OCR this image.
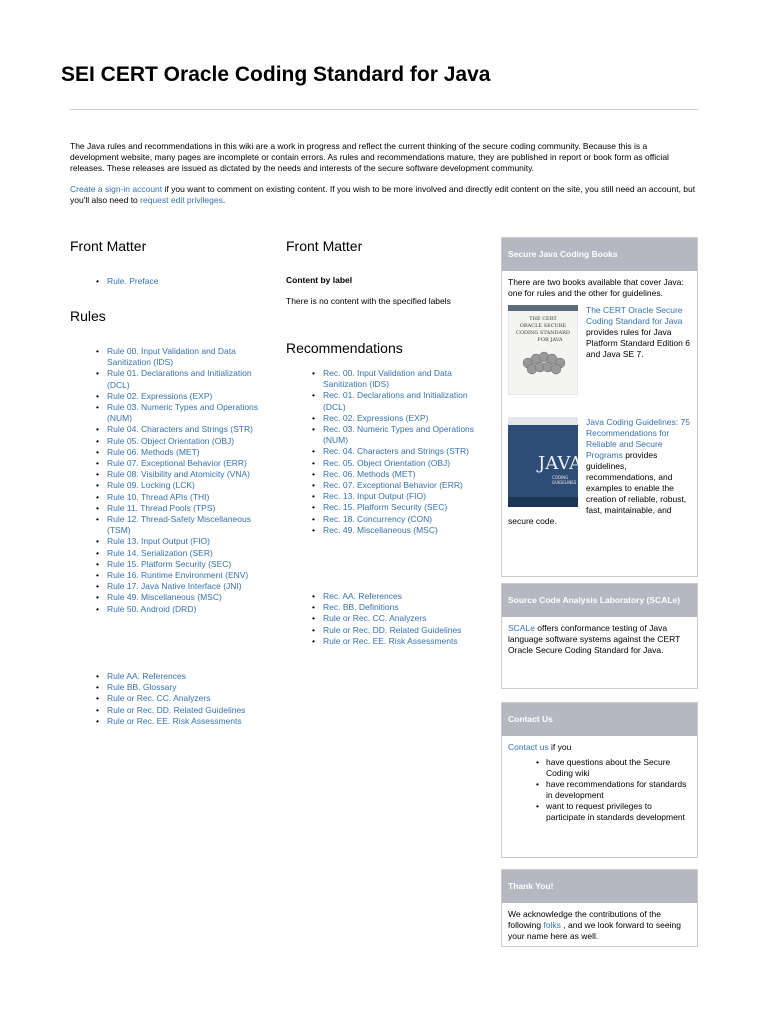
SEI CERT Oracle Coding Standard for Java

The Java rules and recommendations in this wiki are a work in progress and reflect the current thinking of the secure coding community. Because this is a development website, many pages are incomplete or contain errors. As rules and recommendations mature, they are published in report or book form as official releases. These releases are issued as dictated by the needs and interests of the secure software development community.

Create a sign-in account if you want to comment on existing content. If you wish to be more involved and directly edit content on the site, you still need an account, but you'll also need to request edit privileges.

Front Matter
• Rule. Preface
Rules
• Rule 00. Input Validation and Data Sanitization (IDS)
• Rule 01. Declarations and Initialization (DCL)
• Rule 02. Expressions (EXP)
• Rule 03. Numeric Types and Operations (NUM)
• Rule 04. Characters and Strings (STR)
• Rule 05. Object Orientation (OBJ)
• Rule 06. Methods (MET)
• Rule 07. Exceptional Behavior (ERR)
• Rule 08. Visibility and Atomicity (VNA)
• Rule 09. Locking (LCK)
• Rule 10. Thread APIs (THI)
• Rule 11. Thread Pools (TPS)
• Rule 12. Thread-Safety Miscellaneous (TSM)
• Rule 13. Input Output (FIO)
• Rule 14. Serialization (SER)
• Rule 15. Platform Security (SEC)
• Rule 16. Runtime Environment (ENV)
• Rule 17. Java Native Interface (JNI)
• Rule 49. Miscellaneous (MSC)
• Rule 50. Android (DRD)
• Rule AA. References
• Rule BB. Glossary
• Rule or Rec. CC. Analyzers
• Rule or Rec. DD. Related Guidelines
• Rule or Rec. EE. Risk Assessments
Front Matter

Content by label

There is no content with the specified labels

Recommendations
• Rec. 00. Input Validation and Data Sanitization (IDS)
• Rec. 01. Declarations and Initialization (DCL)
• Rec. 02. Expressions (EXP)
• Rec. 03. Numeric Types and Operations (NUM)
• Rec. 04. Characters and Strings (STR)
• Rec. 05. Object Orientation (OBJ)
• Rec. 06. Methods (MET)
• Rec. 07. Exceptional Behavior (ERR)
• Rec. 13. Input Output (FIO)
• Rec. 15. Platform Security (SEC)
• Rec. 18. Concurrency (CON)
• Rec. 49. Miscellaneous (MSC)
• Rec. AA. References
• Rec. BB. Definitions
• Rule or Rec. CC. Analyzers
• Rule or Rec. DD. Related Guidelines
• Rule or Rec. EE. Risk Assessments
Secure Java Coding Books

There are two books available that cover Java: one for rules and the other for guidelines.

THE CERT
ORACLE SECURE
CODING STANDARD
FOR JAVA

The CERT Oracle Secure Coding Standard for Java provides rules for Java Platform Standard Edition 6 and Java SE 7.

JAVA
CODING
GUIDELINES

Java Coding Guidelines: 75 Recommendations for Reliable and Secure Programs provides guidelines, recommendations, and examples to enable the creation of reliable, robust, fast, maintainable, and secure code.

Source Code Analysis Laboratory (SCALe)

SCALe offers conformance testing of Java language software systems against the CERT Oracle Secure Coding Standard for Java.

Contact Us

Contact us if you

• have questions about the Secure Coding wiki
• have recommendations for standards in development
• want to request privileges to participate in standards development
Thank You!

We acknowledge the contributions of the following folks , and we look forward to seeing your name here as well.
